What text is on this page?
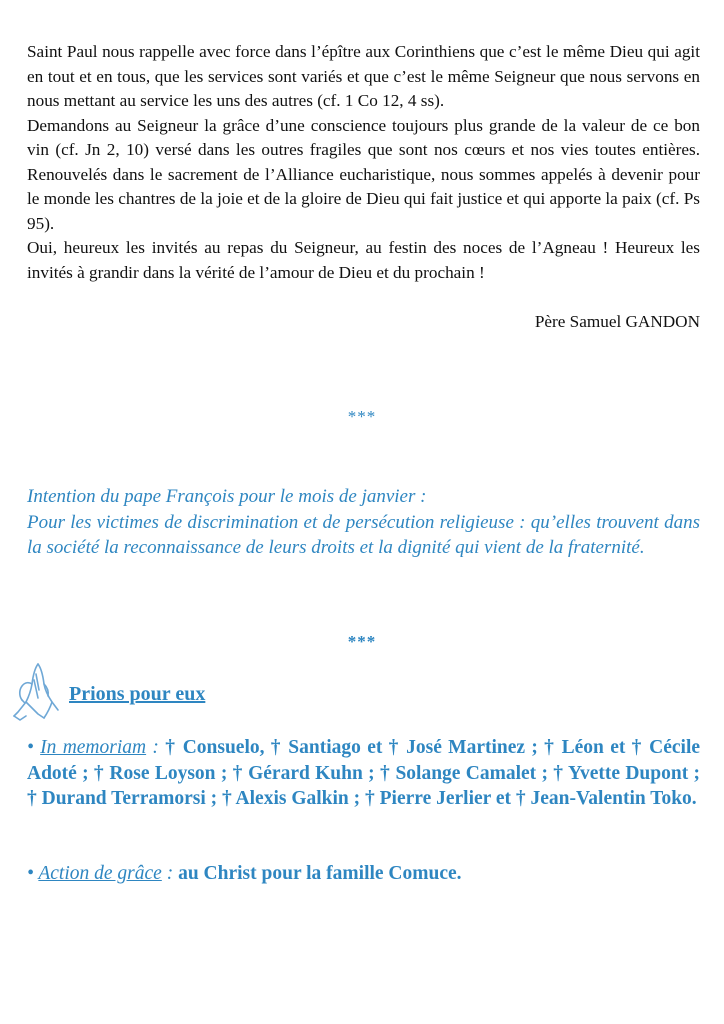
Saint Paul nous rappelle avec force dans l’épître aux Corinthiens que c’est le même Dieu qui agit en tout et en tous, que les services sont variés et que c’est le même Seigneur que nous servons en nous mettant au service les uns des autres (cf. 1 Co 12, 4 ss).

Demandons au Seigneur la grâce d’une conscience toujours plus grande de la valeur de ce bon vin (cf. Jn 2, 10) versé dans les outres fragiles que sont nos cœurs et nos vies toutes entières. Renouvelés dans le sacrement de l’Alliance eucharistique, nous sommes appelés à devenir pour le monde les chantres de la joie et de la gloire de Dieu qui fait justice et qui apporte la paix (cf. Ps 95).

Oui, heureux les invités au repas du Seigneur, au festin des noces de l’Agneau ! Heureux les invités à grandir dans la vérité de l’amour de Dieu et du prochain !

Père Samuel GANDON
***

Intention du pape François pour le mois de janvier :

Pour les victimes de discrimination et de persécution religieuse : qu’elles trouvent dans la société la reconnaissance de leurs droits et la dignité qui vient de la fraternité.

***
Prions pour eux
• In memoriam : † Consuelo, † Santiago et † José Martinez ; † Léon et † Cécile Adoté ; † Rose Loyson ; † Gérard Kuhn ; † Solange Camalet ; † Yvette Dupont ; † Durand Terramorsi ; † Alexis Galkin ; † Pierre Jerlier et † Jean-Valentin Toko.
• Action de grâce : au Christ pour la famille Comuce.
